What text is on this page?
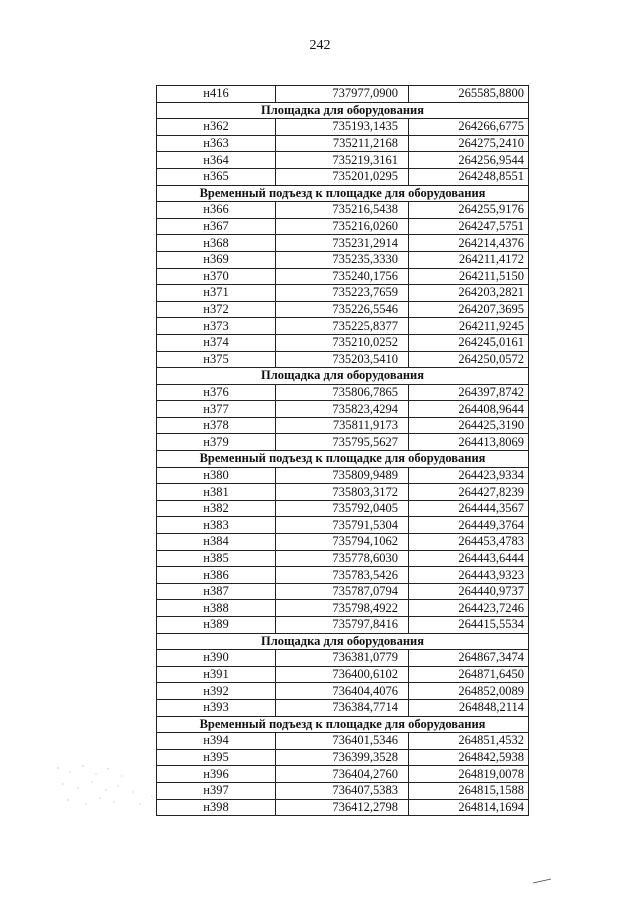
242
н416	737977,0900	265585,8800
Площадка для оборудования		
н362	735193,1435	264266,6775
н363	735211,2168	264275,2410
н364	735219,3161	264256,9544
н365	735201,0295	264248,8551
Временный подъезд к площадке для оборудования		
н366	735216,5438	264255,9176
н367	735216,0260	264247,5751
н368	735231,2914	264214,4376
н369	735235,3330	264211,4172
н370	735240,1756	264211,5150
н371	735223,7659	264203,2821
н372	735226,5546	264207,3695
н373	735225,8377	264211,9245
н374	735210,0252	264245,0161
н375	735203,5410	264250,0572
Площадка для оборудования		
н376	735806,7865	264397,8742
н377	735823,4294	264408,9644
н378	735811,9173	264425,3190
н379	735795,5627	264413,8069
Временный подъезд к площадке для оборудования		
н380	735809,9489	264423,9334
н381	735803,3172	264427,8239
н382	735792,0405	264444,3567
н383	735791,5304	264449,3764
н384	735794,1062	264453,4783
н385	735778,6030	264443,6444
н386	735783,5426	264443,9323
н387	735787,0794	264440,9737
н388	735798,4922	264423,7246
н389	735797,8416	264415,5534
Площадка для оборудования		
н390	736381,0779	264867,3474
н391	736400,6102	264871,6450
н392	736404,4076	264852,0089
н393	736384,7714	264848,2114
Временный подъезд к площадке для оборудования		
н394	736401,5346	264851,4532
н395	736399,3528	264842,5938
н396	736404,2760	264819,0078
н397	736407,5383	264815,1588
н398	736412,2798	264814,1694
